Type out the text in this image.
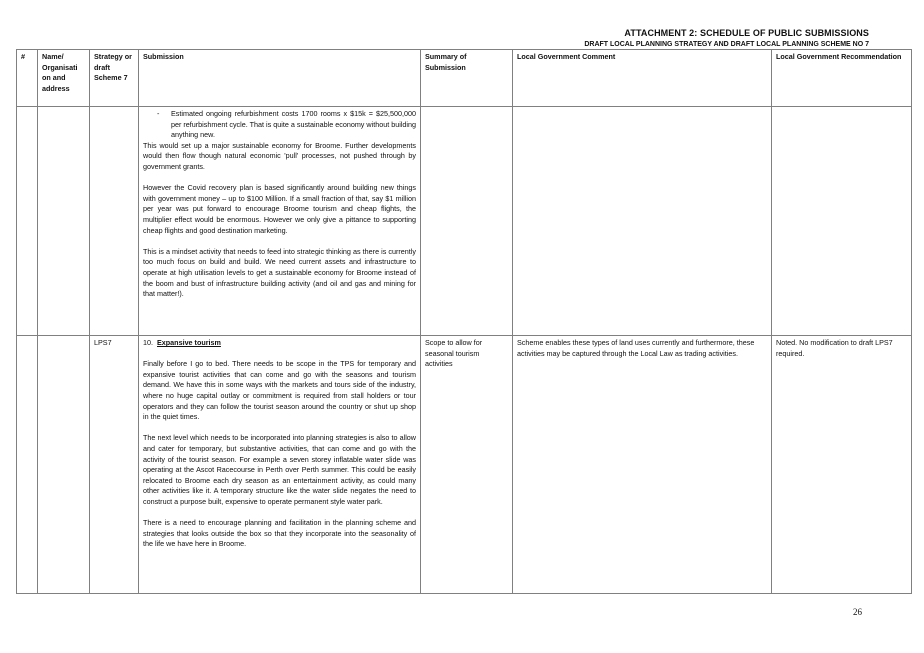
ATTACHMENT 2: SCHEDULE OF PUBLIC SUBMISSIONS
DRAFT LOCAL PLANNING STRATEGY AND DRAFT LOCAL PLANNING SCHEME NO 7
#	Name/ Organisati on and address	Strategy or draft Scheme 7	Submission	Summary of Submission	Local Government Comment	Local Government Recommendation

			- Estimated ongoing refurbishment costs 1700 rooms x $15k = $25,500,000 per refurbishment cycle. That is quite a sustainable economy without building anything new.

This would set up a major sustainable economy for Broome. Further developments would then flow though natural economic 'pull' processes, not pushed through by government grants.

However the Covid recovery plan is based significantly around building new things with government money – up to $100 Million. If a small fraction of that, say $1 million per year was put forward to encourage Broome tourism and cheap flights, the multiplier effect would be enormous. However we only give a pittance to supporting cheap flights and good destination marketing.

This is a mindset activity that needs to feed into strategic thinking as there is currently too much focus on build and build. We need current assets and infrastructure to operate at high utilisation levels to get a sustainable economy for Broome instead of the boom and bust of infrastructure building activity (and oil and gas and mining for that matter!).			

		LPS7	10. Expansive tourism

Finally before I go to bed. There needs to be scope in the TPS for temporary and expansive tourist activities that can come and go with the seasons and tourism demand. We have this in some ways with the markets and tours side of the industry, where no huge capital outlay or commitment is required from stall holders or tour operators and they can follow the tourist season around the country or shut up shop in the quiet times.

The next level which needs to be incorporated into planning strategies is also to allow and cater for temporary, but substantive activities, that can come and go with the activity of the tourist season. For example a seven storey inflatable water slide was operating at the Ascot Racecourse in Perth over Perth summer. This could be easily relocated to Broome each dry season as an entertainment activity, as could many other activities like it. A temporary structure like the water slide negates the need to construct a purpose built, expensive to operate permanent style water park.

There is a need to encourage planning and facilitation in the planning scheme and strategies that looks outside the box so that they incorporate into the seasonality of the life we have here in Broome.	Scope to allow for seasonal tourism activities	Scheme enables these types of land uses currently and furthermore, these activities may be captured through the Local Law as trading activities.	Noted. No modification to draft LPS7 required.
26
